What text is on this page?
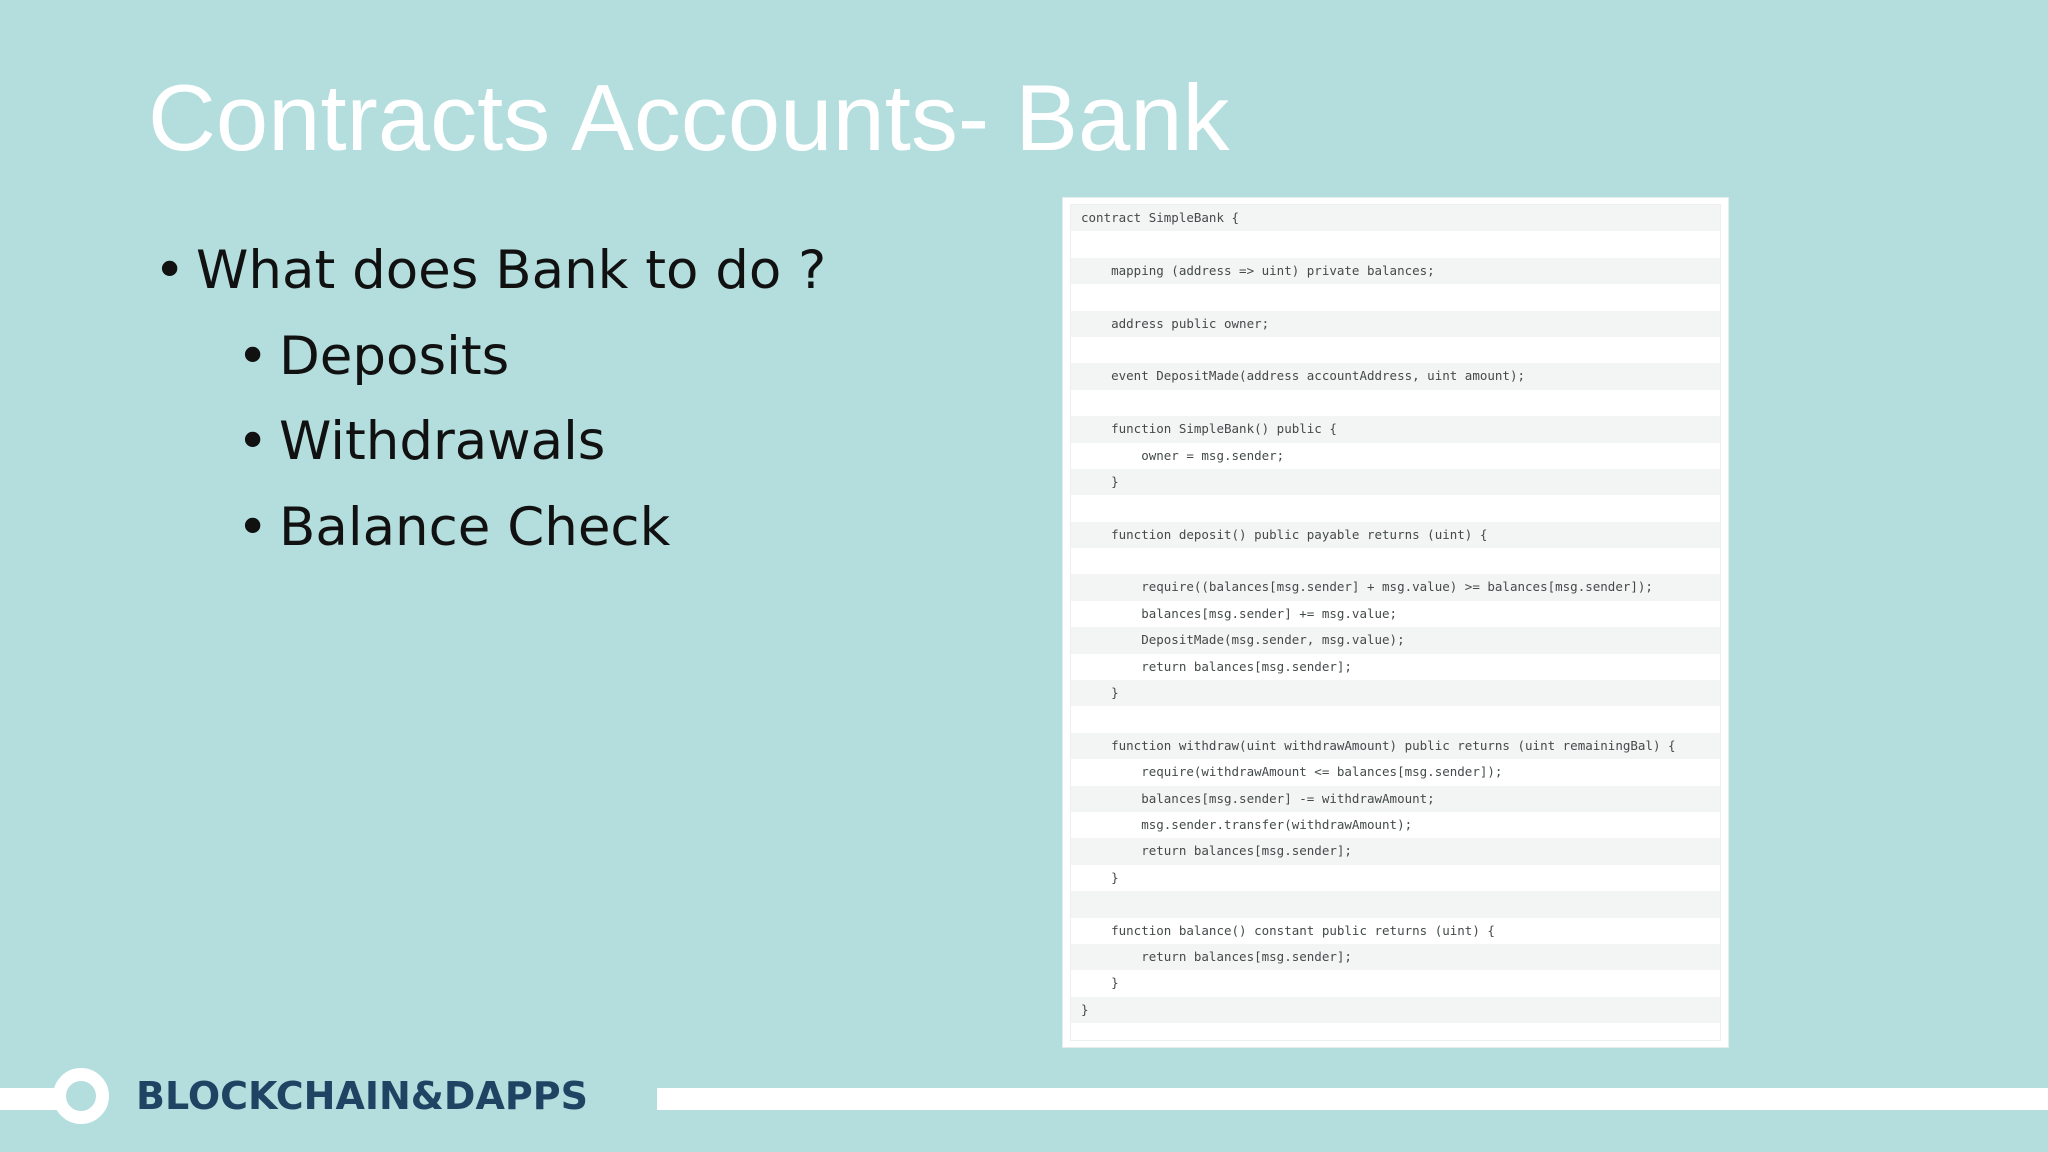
Contracts Accounts- Bank
• What does Bank to do ?
• Deposits
• Withdrawals
• Balance Check
contract SimpleBank {
mapping (address => uint) private balances;
address public owner;
event DepositMade(address accountAddress, uint amount);
function SimpleBank() public {
owner = msg.sender;
}
function deposit() public payable returns (uint) {
require((balances[msg.sender] + msg.value) >= balances[msg.sender]);
balances[msg.sender] += msg.value;
DepositMade(msg.sender, msg.value);
return balances[msg.sender];
}
function withdraw(uint withdrawAmount) public returns (uint remainingBal) {
require(withdrawAmount <= balances[msg.sender]);
balances[msg.sender] -= withdrawAmount;
msg.sender.transfer(withdrawAmount);
return balances[msg.sender];
}
function balance() constant public returns (uint) {
return balances[msg.sender];
}
}
BLOCKCHAIN&DAPPS
